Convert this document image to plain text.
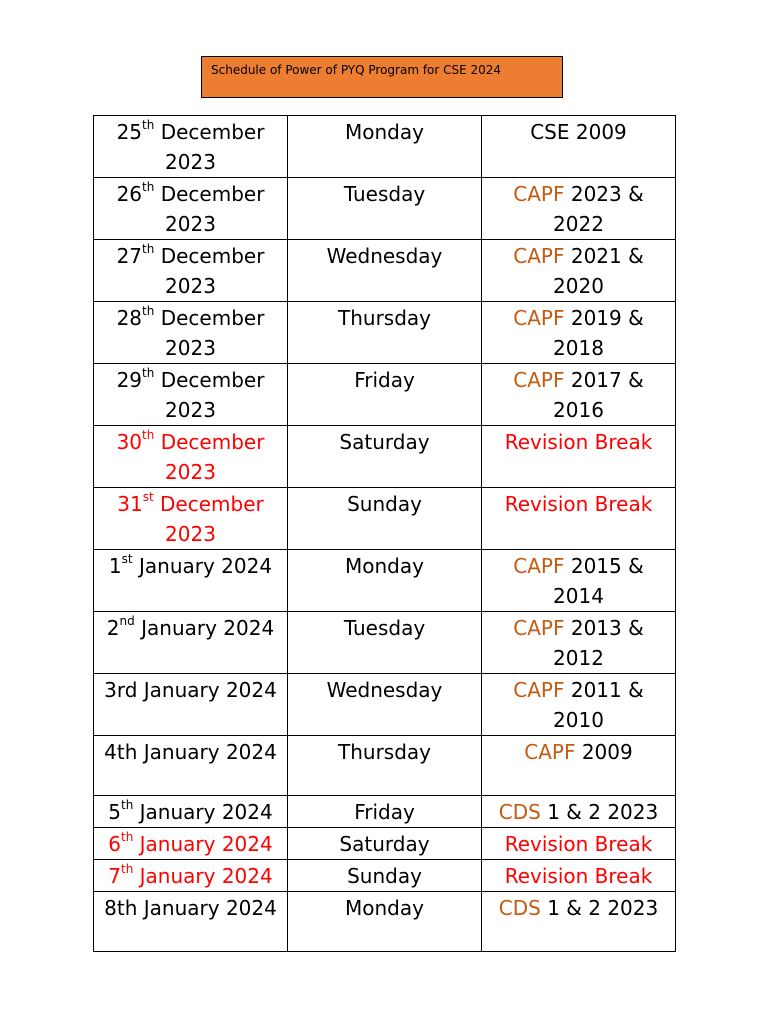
Schedule of Power of PYQ Program for CSE 2024
25th December 2023	Monday	CSE 2009
26th December 2023	Tuesday	CAPF 2023 & 2022
27th December 2023	Wednesday	CAPF 2021 & 2020
28th December 2023	Thursday	CAPF 2019 & 2018
29th December 2023	Friday	CAPF 2017 & 2016
30th December 2023	Saturday	Revision Break
31st December 2023	Sunday	Revision Break
1st January 2024	Monday	CAPF 2015 & 2014
2nd January 2024	Tuesday	CAPF 2013 & 2012
3rd January 2024	Wednesday	CAPF 2011 & 2010
4th January 2024	Thursday	CAPF 2009
5th January 2024	Friday	CDS 1 & 2 2023
6th January 2024	Saturday	Revision Break
7th January 2024	Sunday	Revision Break
8th January 2024	Monday	CDS 1 & 2 2023
